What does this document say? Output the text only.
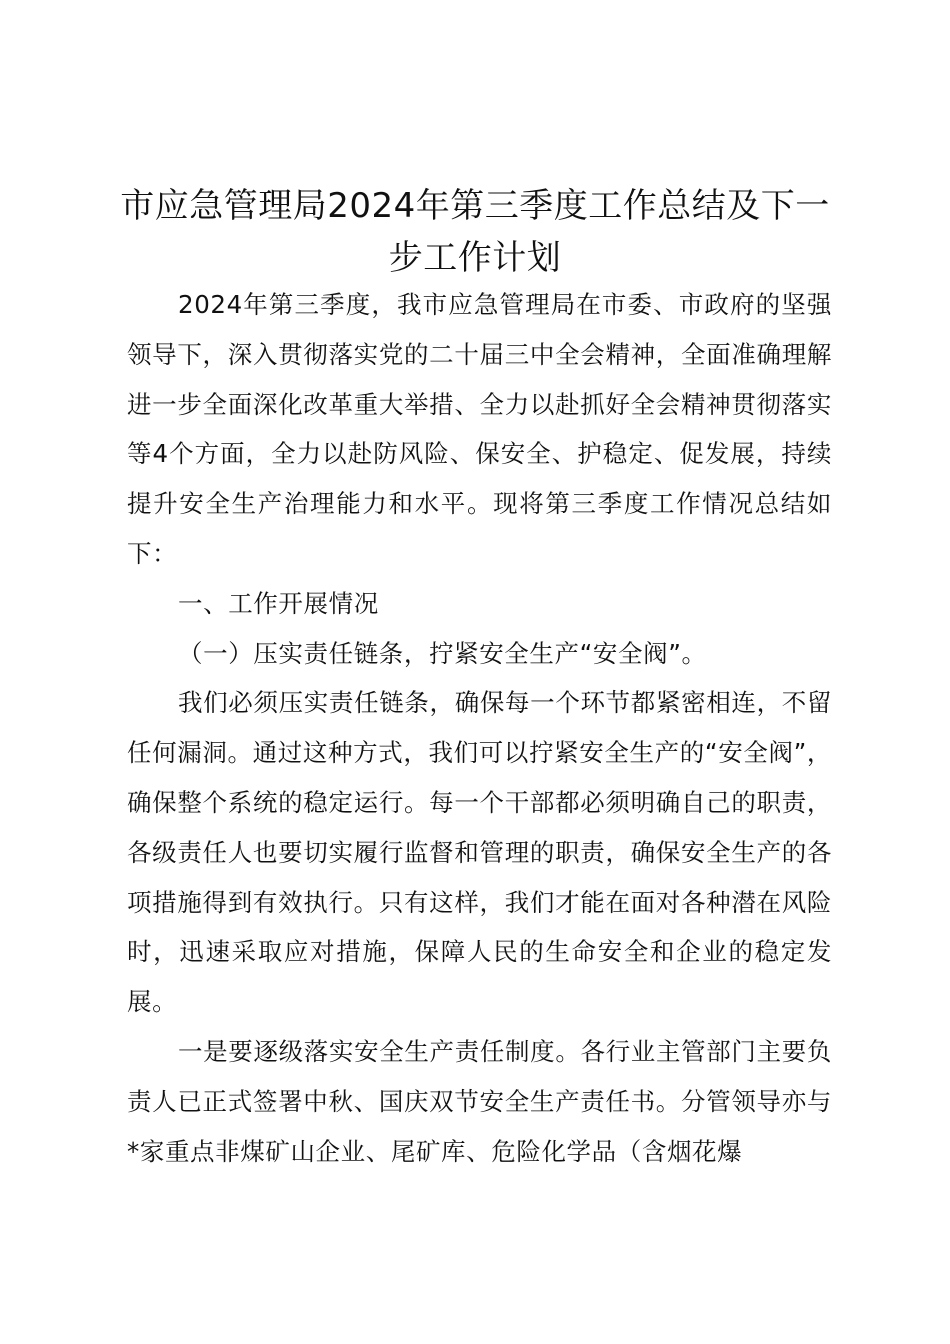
市应急管理局2024年第三季度工作总结及下一步工作计划

2024年第三季度，我市应急管理局在市委、市政府的坚强领导下，深入贯彻落实党的二十届三中全会精神，全面准确理解进一步全面深化改革重大举措、全力以赴抓好全会精神贯彻落实等4个方面，全力以赴防风险、保安全、护稳定、促发展，持续提升安全生产治理能力和水平。现将第三季度工作情况总结如下：

一、工作开展情况

（一）压实责任链条，拧紧安全生产“安全阀”。

我们必须压实责任链条，确保每一个环节都紧密相连，不留任何漏洞。通过这种方式，我们可以拧紧安全生产的“安全阀”，确保整个系统的稳定运行。每一个干部都必须明确自己的职责，各级责任人也要切实履行监督和管理的职责，确保安全生产的各项措施得到有效执行。只有这样，我们才能在面对各种潜在风险时，迅速采取应对措施，保障人民的生命安全和企业的稳定发展。

一是要逐级落实安全生产责任制度。各行业主管部门主要负责人已正式签署中秋、国庆双节安全生产责任书。分管领导亦与*家重点非煤矿山企业、尾矿库、危险化学品（含烟花爆
